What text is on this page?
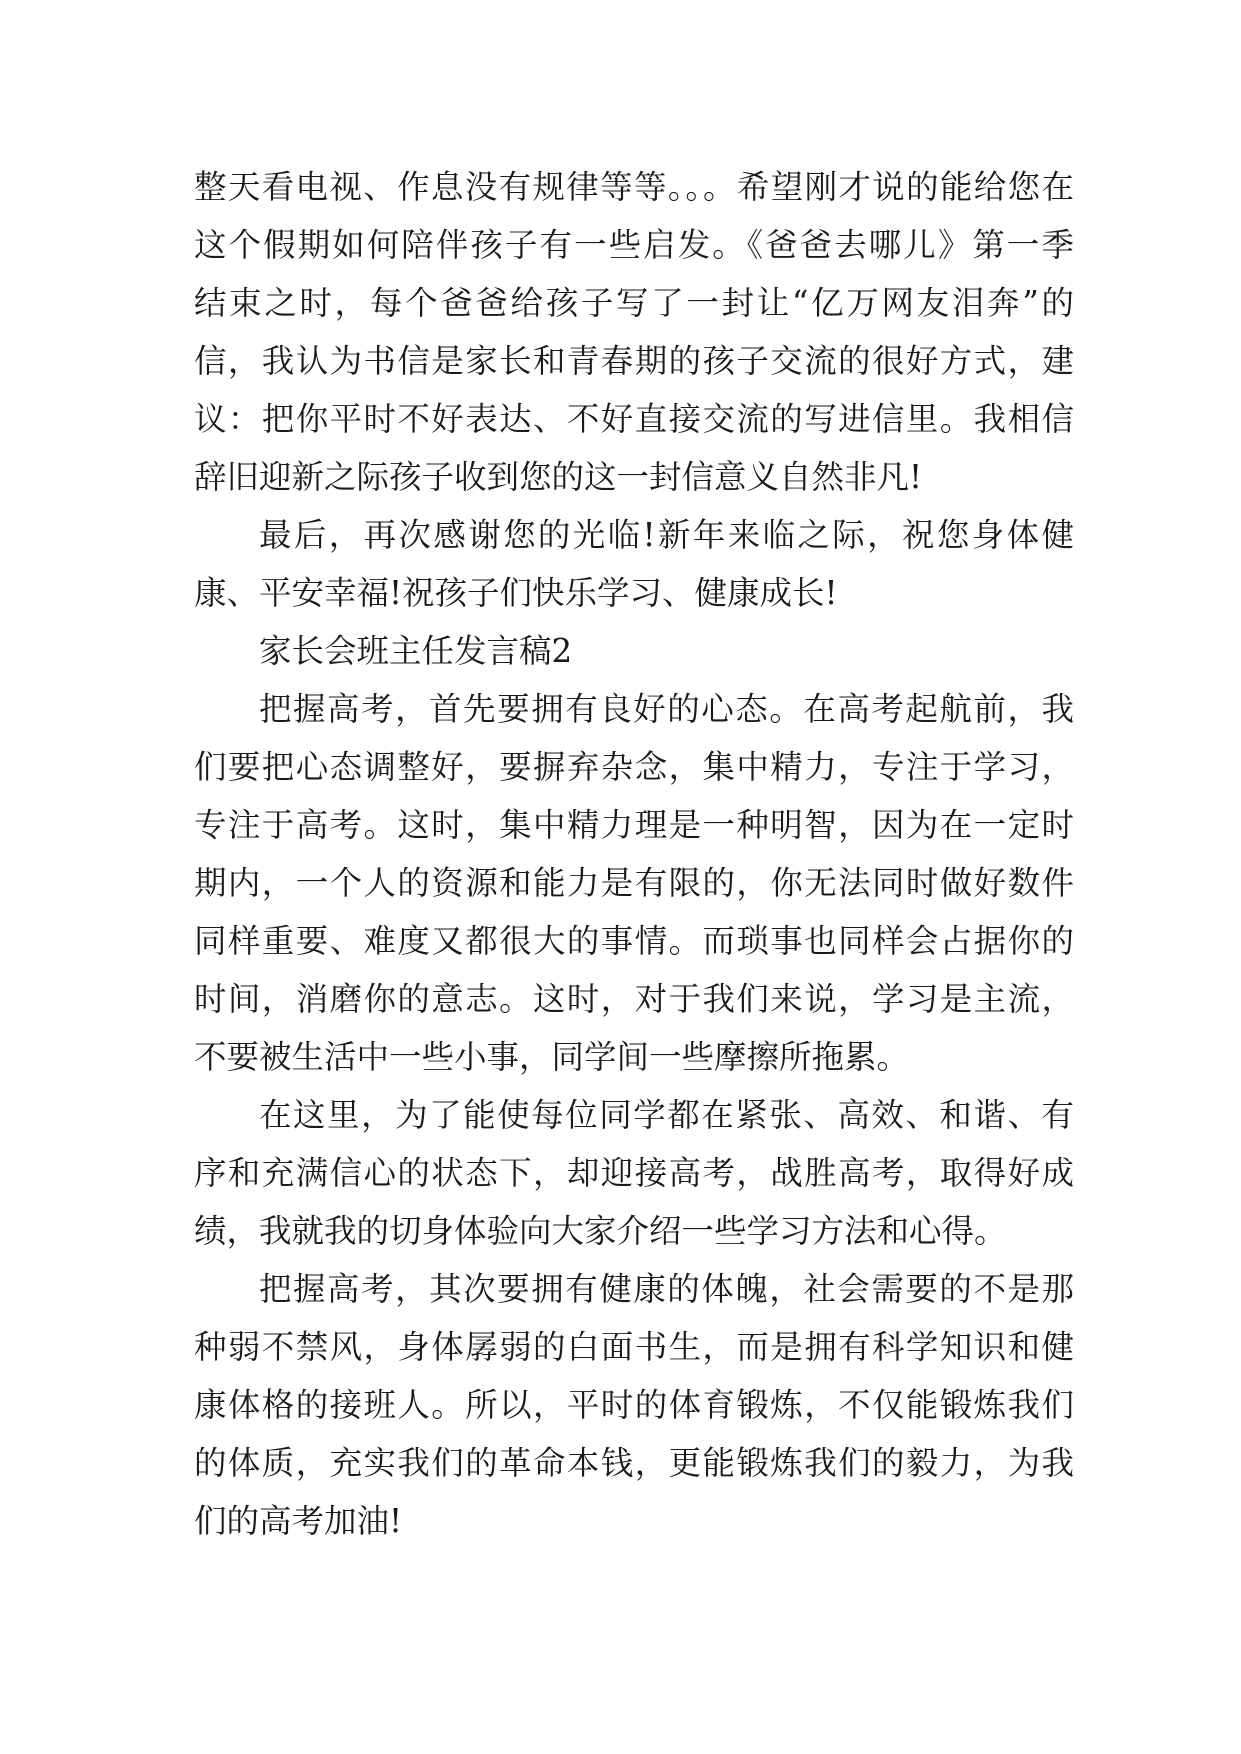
整天看电视、作息没有规律等等。。。希望刚才说的能给您在
这个假期如何陪伴孩子有一些启发。《爸爸去哪儿》第一季
结束之时，每个爸爸给孩子写了一封让“亿万网友泪奔”的
信，我认为书信是家长和青春期的孩子交流的很好方式，建
议：把你平时不好表达、不好直接交流的写进信里。我相信
辞旧迎新之际孩子收到您的这一封信意义自然非凡!
最后，再次感谢您的光临!新年来临之际，祝您身体健
康、平安幸福!祝孩子们快乐学习、健康成长!
家长会班主任发言稿2
把握高考，首先要拥有良好的心态。在高考起航前，我
们要把心态调整好，要摒弃杂念，集中精力，专注于学习，
专注于高考。这时，集中精力理是一种明智，因为在一定时
期内，一个人的资源和能力是有限的，你无法同时做好数件
同样重要、难度又都很大的事情。而琐事也同样会占据你的
时间，消磨你的意志。这时，对于我们来说，学习是主流，
不要被生活中一些小事，同学间一些摩擦所拖累。
在这里，为了能使每位同学都在紧张、高效、和谐、有
序和充满信心的状态下，却迎接高考，战胜高考，取得好成
绩，我就我的切身体验向大家介绍一些学习方法和心得。
把握高考，其次要拥有健康的体魄，社会需要的不是那
种弱不禁风，身体孱弱的白面书生，而是拥有科学知识和健
康体格的接班人。所以，平时的体育锻炼，不仅能锻炼我们
的体质，充实我们的革命本钱，更能锻炼我们的毅力，为我
们的高考加油!
